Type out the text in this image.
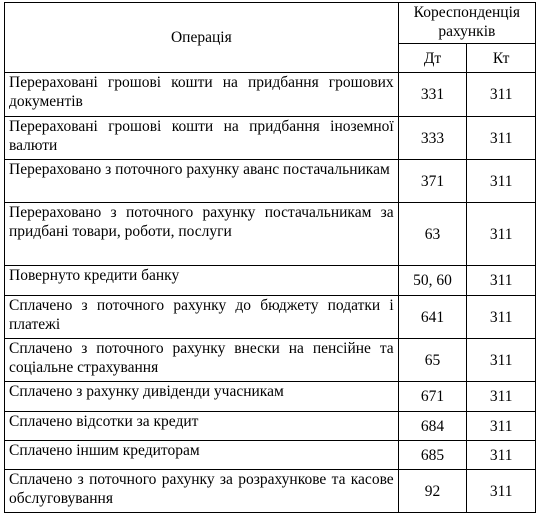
Операція	Кореспонденція рахунків	
	Дт	Кт
Перераховані грошові кошти на придбання грошових документів	331	311
Перераховані грошові кошти на придбання іноземної валюти	333	311
Перераховано з поточного рахунку аванс постачальникам	371	311
Перераховано з поточного рахунку постачальникам за придбані товари, роботи, послуги	63	311
Повернуто кредити банку	50, 60	311
Сплачено з поточного рахунку до бюджету податки і платежі	641	311
Сплачено з поточного рахунку внески на пенсійне та соціальне страхування	65	311
Сплачено з рахунку дивіденди учасникам	671	311
Сплачено відсотки за кредит	684	311
Сплачено іншим кредиторам	685	311
Сплачено з поточного рахунку за розрахункове та касове обслуговування	92	311
